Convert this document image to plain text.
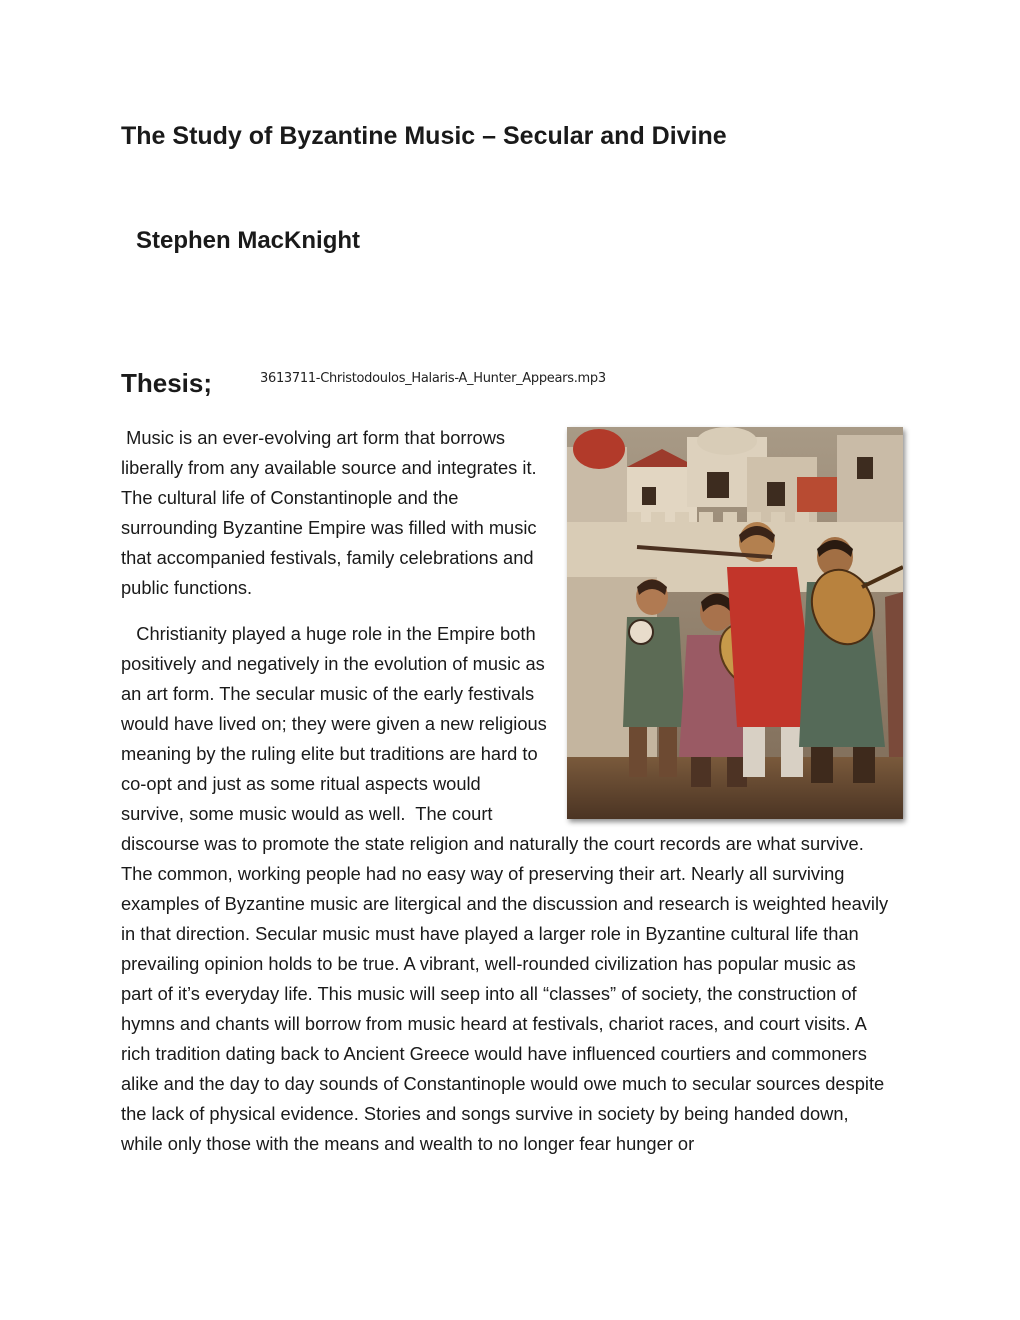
The Study of Byzantine Music – Secular and Divine
Stephen MacKnight
Thesis;	3613711-Christodoulos_Halaris-A_Hunter_Appears.mp3

Music is an ever-evolving art form that borrows liberally from any available source and integrates it. The cultural life of Constantinople and the surrounding Byzantine Empire was filled with music that accompanied festivals, family celebrations and public functions.

Christianity played a huge role in the Empire both positively and negatively in the evolution of music as an art form. The secular music of the early festivals would have lived on; they were given a new religious meaning by the ruling elite but traditions are hard to co-opt and just as some ritual aspects would survive, some music would as well.  The court discourse was to promote the state religion and naturally the court records are what survive. The common, working people had no easy way of preserving their art. Nearly all surviving examples of Byzantine music are litergical and the discussion and research is weighted heavily in that direction. Secular music must have played a larger role in Byzantine cultural life than prevailing opinion holds to be true. A vibrant, well-rounded civilization has popular music as part of it’s everyday life. This music will seep into all “classes” of society, the construction of hymns and chants will borrow from music heard at festivals, chariot races, and court visits. A rich tradition dating back to Ancient Greece would have influenced courtiers and commoners alike and the day to day sounds of Constantinople would owe much to secular sources despite the lack of physical evidence. Stories and songs survive in society by being handed down, while only those with the means and wealth to no longer fear hunger or
